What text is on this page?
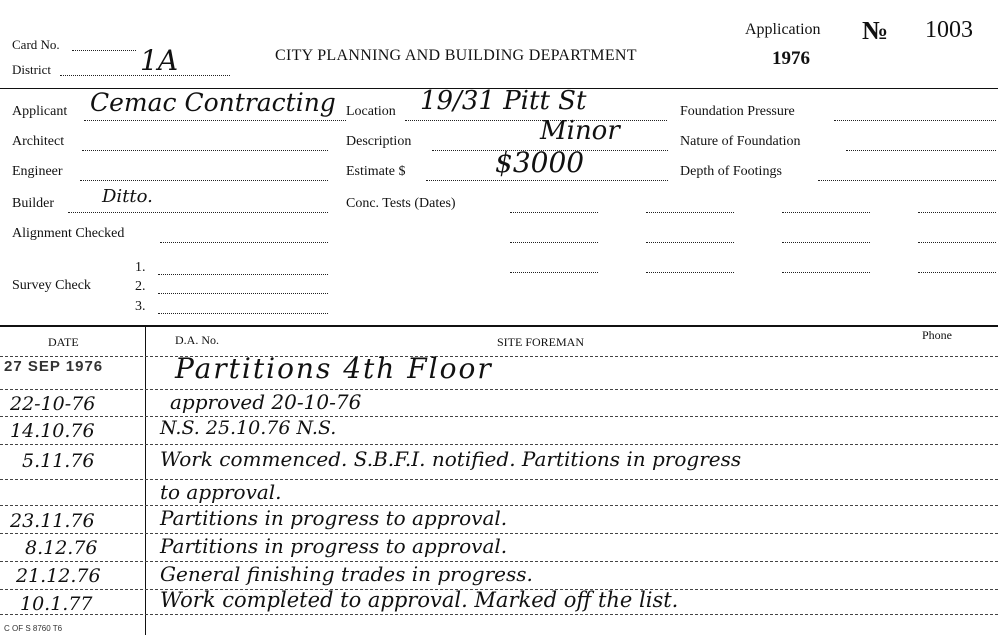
Card No.
District	1A	CITY PLANNING AND BUILDING DEPARTMENT
Application
1976
№ 1003
Applicant Cemac Contracting
Architect
Engineer
Builder	Ditto.
Alignment Checked
Survey Check
1.
2.
3.
Location 19/31 Pitt St
Description	Minor
Estimate $	$3000
Conc. Tests (Dates)
Foundation Pressure
Nature of Foundation
Depth of Footings
DATE	D.A. No.	SITE FOREMAN	Phone
27 SEP 1976	Partitions 4th Floor
22-10-76	approved 20-10-76
14.10.76	N.S. 25.10.76 N.S.
5.11.76	Work commenced. S.B.F.I. notified. Partitions in progress
to approval.
23.11.76	Partitions in progress to approval.
8.12.76	Partitions in progress to approval.
21.12.76	General finishing trades in progress.
10.1.77	Work completed to approval. Marked off the list.
C OF S 8760 T6
